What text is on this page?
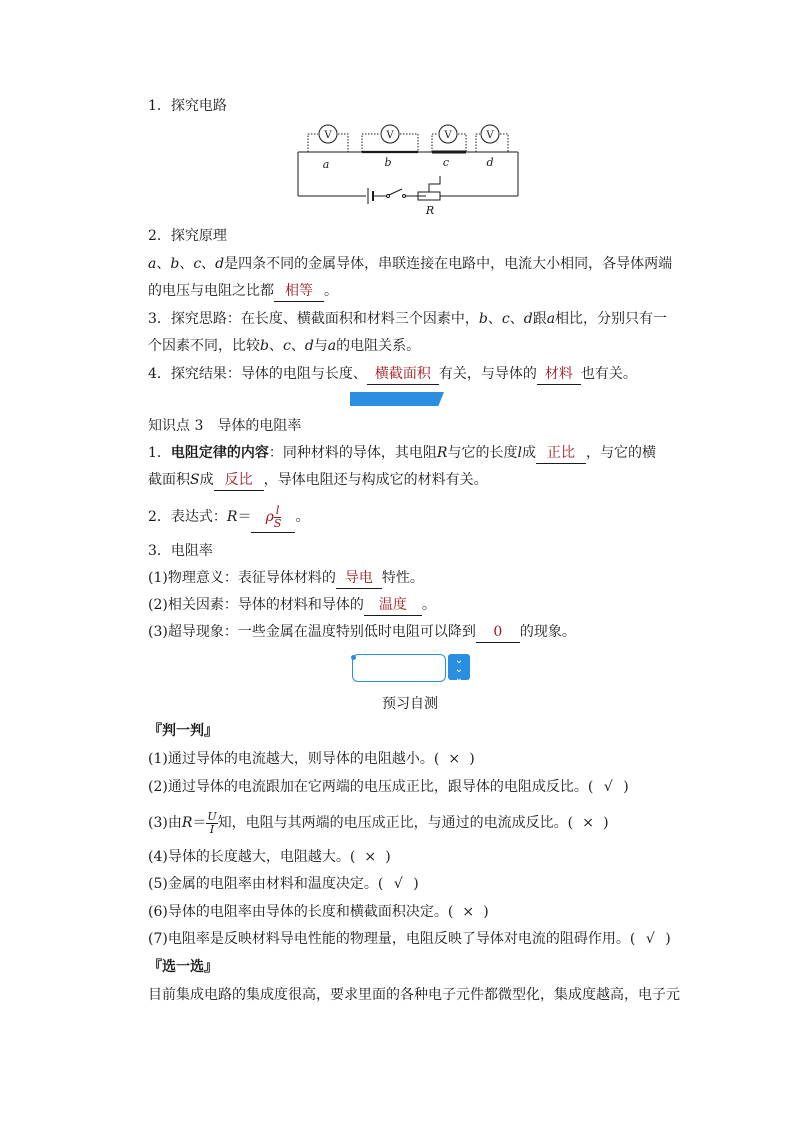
1．探究电路
V	V	V	V
a	b	c	d
R
2．探究原理
a、b、c、d是四条不同的金属导体，串联连接在电路中，电流大小相同，各导体两端
的电压与电阻之比都 相等 。
3．探究思路：在长度、横截面积和材料三个因素中，b、c、d跟a相比，分别只有一
个因素不同，比较b、c、d与a的电阻关系。
4．探究结果：导体的电阻与长度、 横截面积 有关，与导体的 材料 也有关。
知识点 3 导体的电阻率
1．电阻定律的内容：同种材料的导体，其电阻R与它的长度l成 正比 ，与它的横
截面积S成 反比 ，导体电阻还与构成它的材料有关。
2．表达式：R＝ ρ $\frac{l}{S}$ 。
3．电阻率
(1)物理意义：表征导体材料的 导电 特性。
(2)相关因素：导体的材料和导体的 温度 。
(3)超导现象：一些金属在温度特别低时电阻可以降到 0 的现象。
⌄
⌄
⌄
预习自测
『判一判』
(1)通过导体的电流越大，则导体的电阻越小。( × )
(2)通过导体的电流跟加在它两端的电压成正比，跟导体的电阻成反比。( √ )
(3)由$R= \frac{U}{I}$ 知，电阻与其两端的电压成正比，与通过的电流成反比。( × )
(4)导体的长度越大，电阻越大。( × )
(5)金属的电阻率由材料和温度决定。( √ )
(6)导体的电阻率由导体的长度和横截面积决定。( × )
(7)电阻率是反映材料导电性能的物理量，电阻反映了导体对电流的阻碍作用。( √ )
『选一选』
目前集成电路的集成度很高，要求里面的各种电子元件都微型化，集成度越高，电子元
